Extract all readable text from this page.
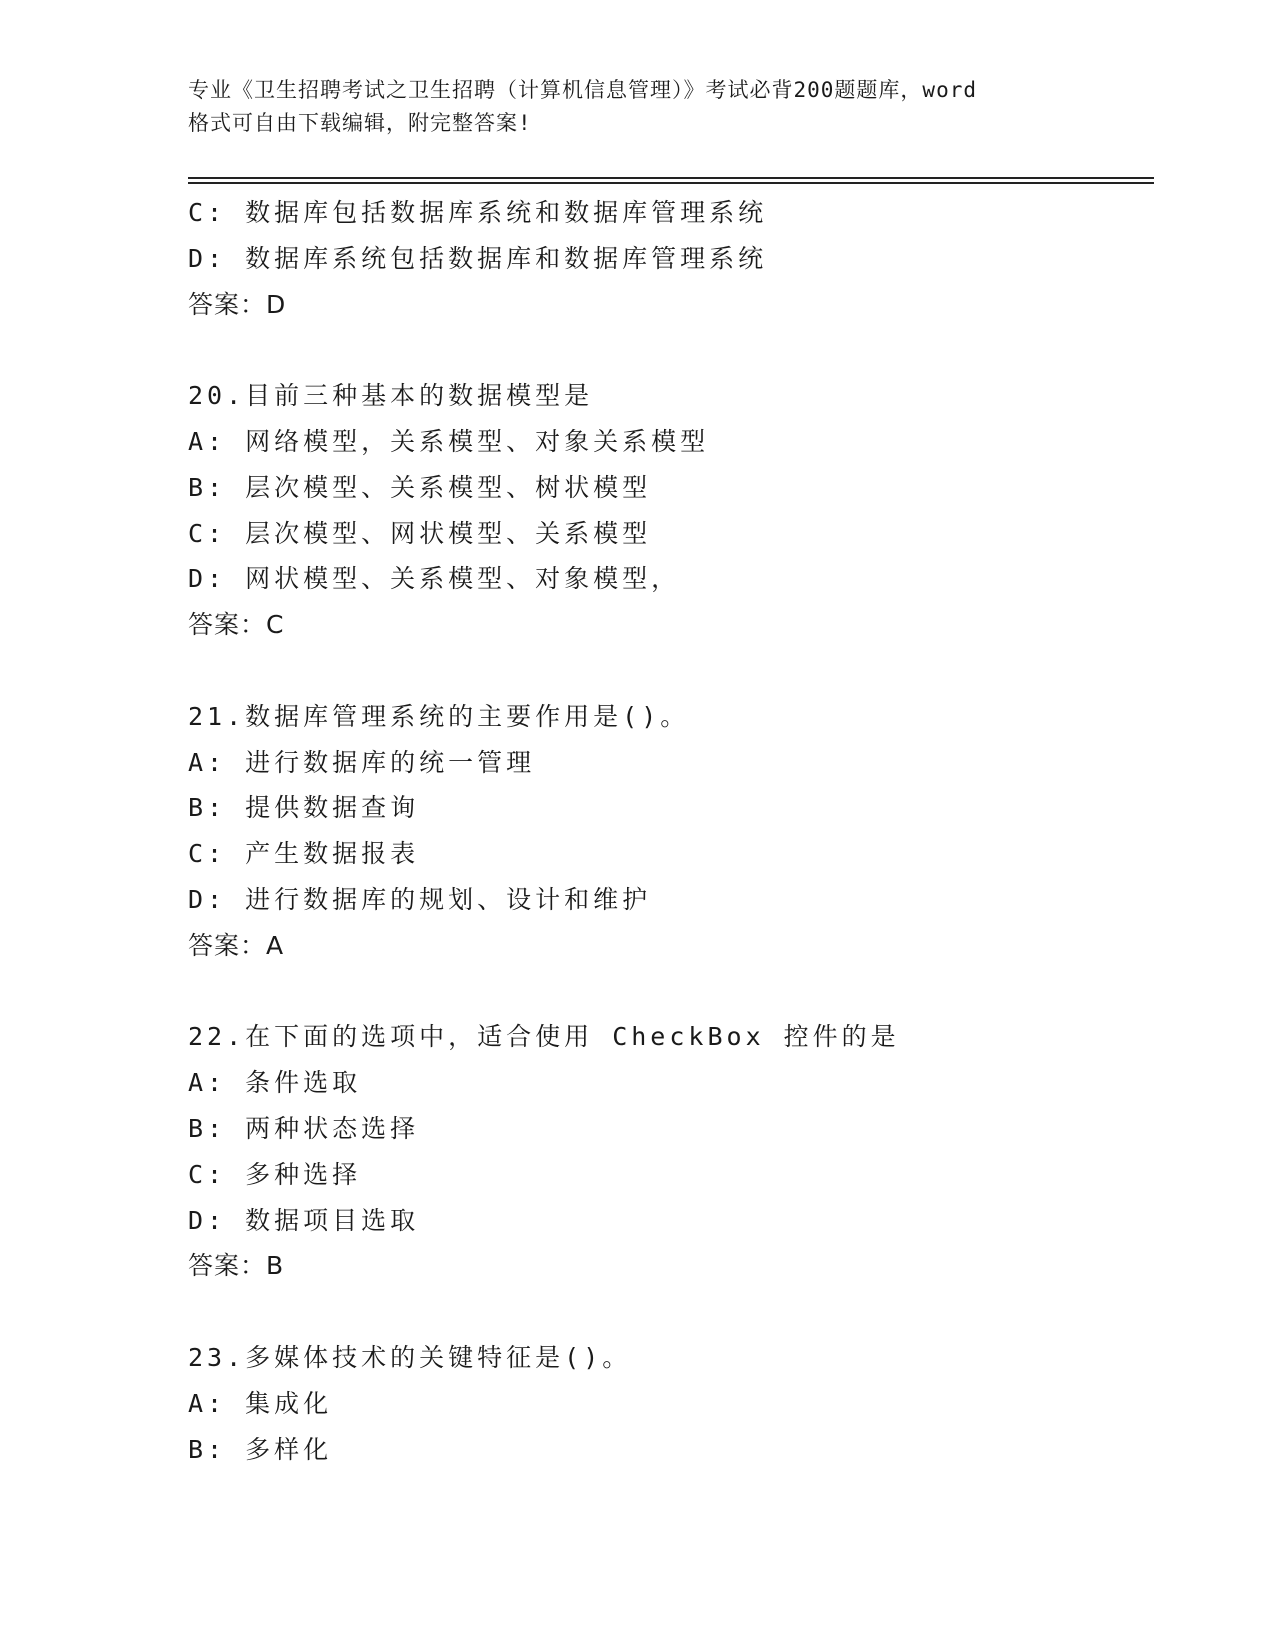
专业《卫生招聘考试之卫生招聘（计算机信息管理）》考试必背200题题库，word
格式可自由下载编辑，附完整答案!
C: 数据库包括数据库系统和数据库管理系统
D: 数据库系统包括数据库和数据库管理系统
答案：D
20.目前三种基本的数据模型是
A: 网络模型，关系模型、对象关系模型
B: 层次模型、关系模型、树状模型
C: 层次模型、网状模型、关系模型
D: 网状模型、关系模型、对象模型，
答案：C
21.数据库管理系统的主要作用是()。
A: 进行数据库的统一管理
B: 提供数据查询
C: 产生数据报表
D: 进行数据库的规划、设计和维护
答案：A
22.在下面的选项中，适合使用 CheckBox 控件的是
A: 条件选取
B: 两种状态选择
C: 多种选择
D: 数据项目选取
答案：B
23.多媒体技术的关键特征是()。
A: 集成化
B: 多样化
